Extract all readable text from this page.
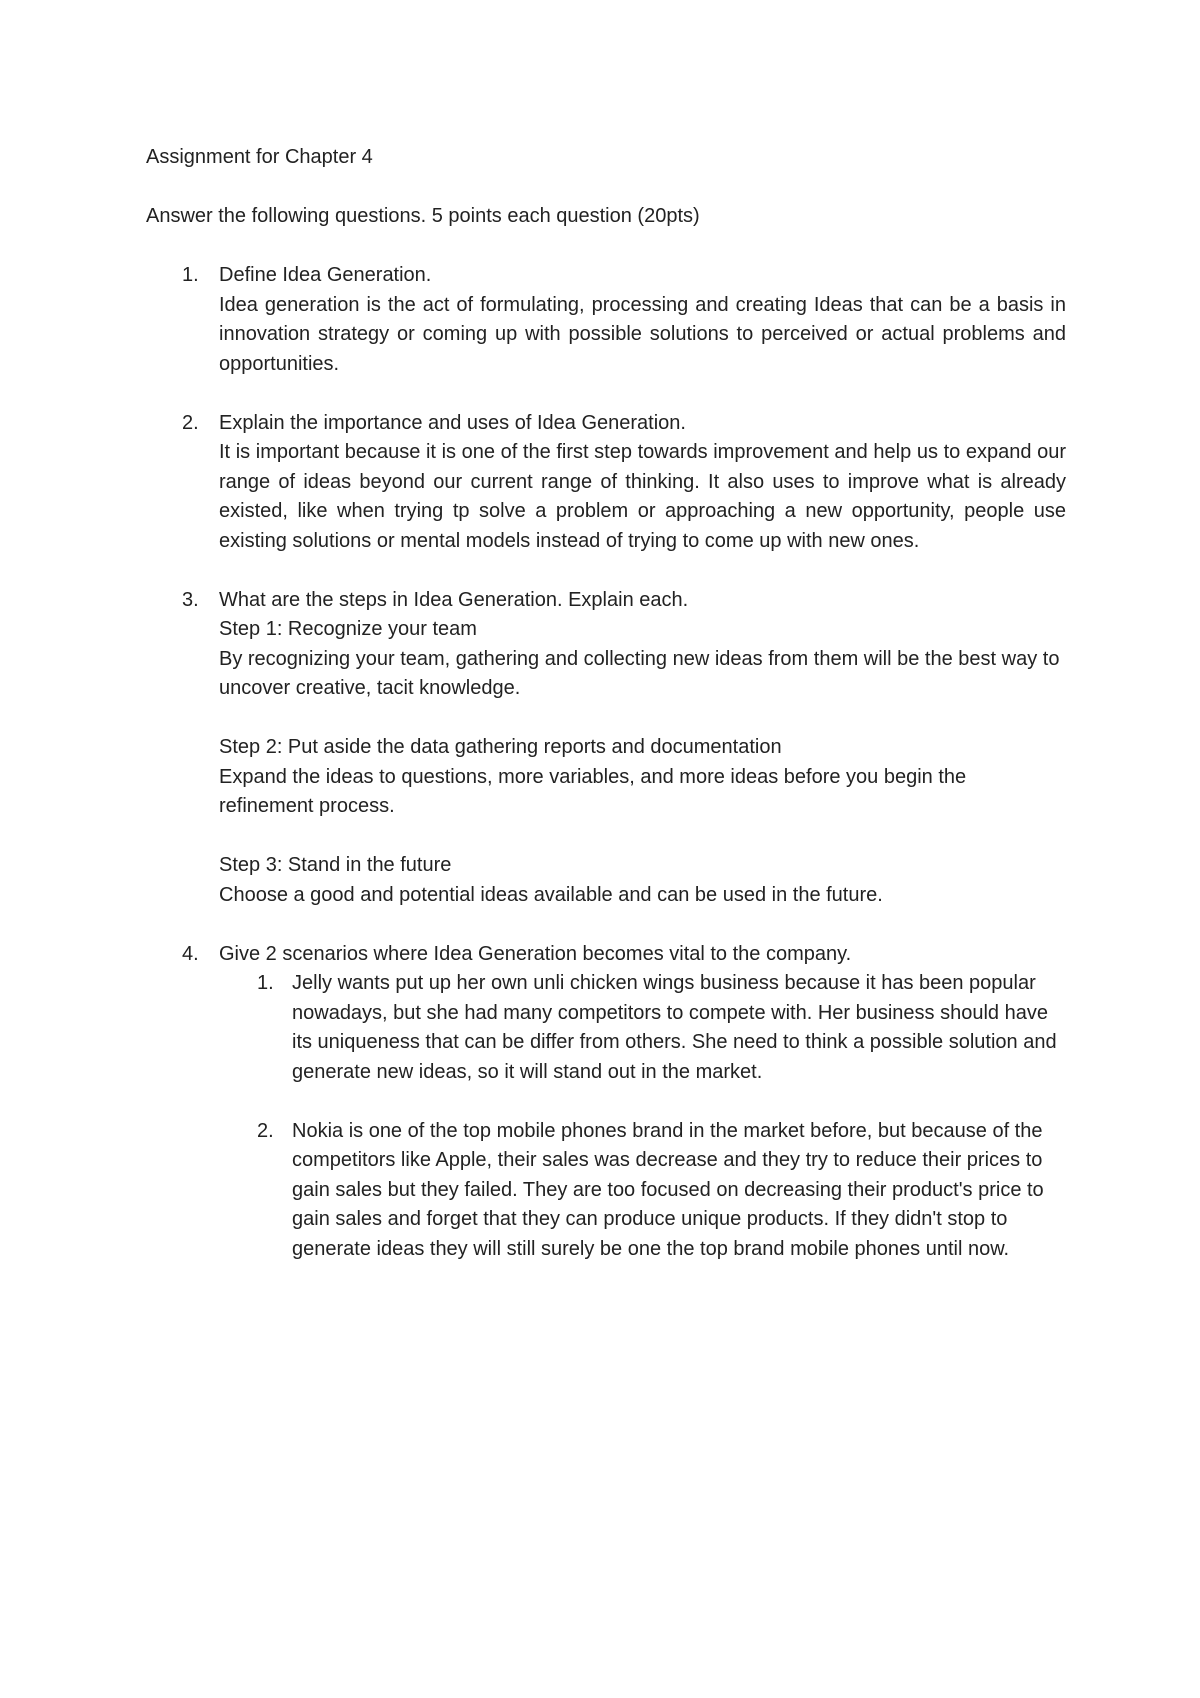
Assignment for Chapter 4

Answer the following questions. 5 points each question (20pts)

1. Define Idea Generation.
Idea generation is the act of formulating, processing and creating Ideas that can be a basis in innovation strategy or coming up with possible solutions to perceived or actual problems and opportunities.
2. Explain the importance and uses of Idea Generation.
It is important because it is one of the first step towards improvement and help us to expand our range of ideas beyond our current range of thinking. It also uses to improve what is already existed, like when trying tp solve a problem or approaching a new opportunity, people use existing solutions or mental models instead of trying to come up with new ones.
3. What are the steps in Idea Generation. Explain each.
Step 1: Recognize your team
By recognizing your team, gathering and collecting new ideas from them will be the best way to uncover creative, tacit knowledge.
Step 2: Put aside the data gathering reports and documentation
Expand the ideas to questions, more variables, and more ideas before you begin the refinement process.
Step 3: Stand in the future
Choose a good and potential ideas available and can be used in the future.
4. Give 2 scenarios where Idea Generation becomes vital to the company.
1. Jelly wants put up her own unli chicken wings business because it has been popular nowadays, but she had many competitors to compete with. Her business should have its uniqueness that can be differ from others. She need to think a possible solution and generate new ideas, so it will stand out in the market.
2. Nokia is one of the top mobile phones brand in the market before, but because of the competitors like Apple, their sales was decrease and they try to reduce their prices to gain sales but they failed. They are too focused on decreasing their product's price to gain sales and forget that they can produce unique products. If they didn't stop to generate ideas they will still surely be one the top brand mobile phones until now.
